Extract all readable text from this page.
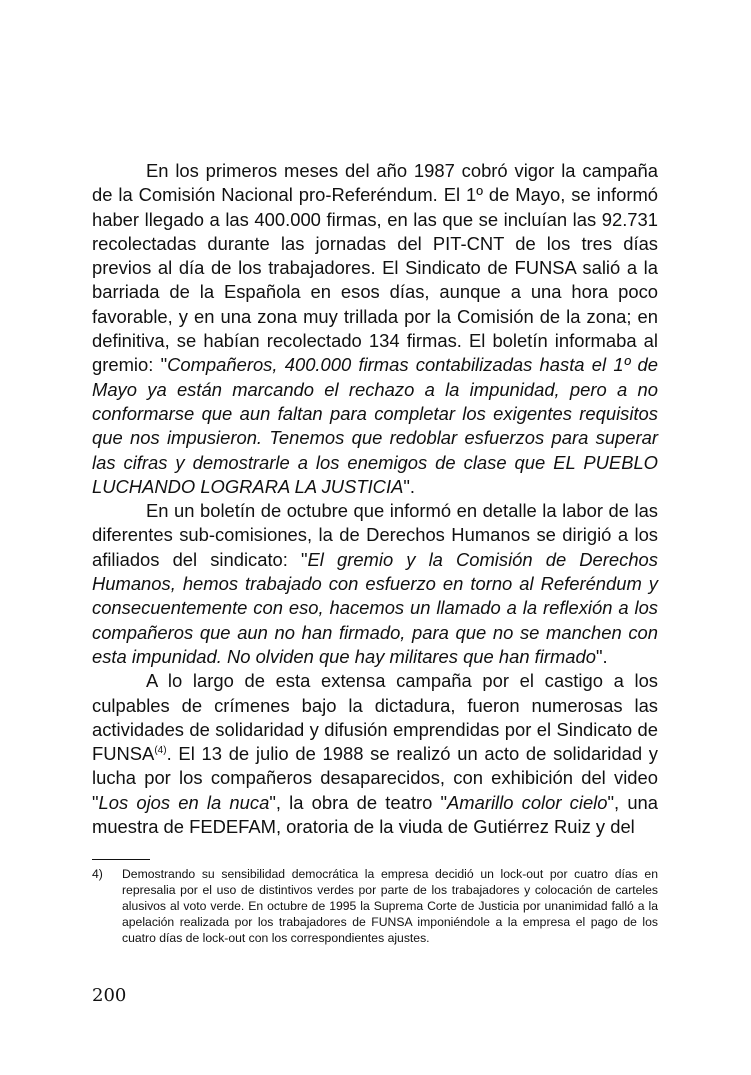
En los primeros meses del año 1987 cobró vigor la campaña de la Comisión Nacional pro-Referéndum. El 1º de Mayo, se informó haber llegado a las 400.000 firmas, en las que se incluían las 92.731 recolectadas durante las jornadas del PIT-CNT de los tres días previos al día de los trabajadores. El Sindicato de FUNSA salió a la barriada de la Española en esos días, aunque a una hora poco favorable, y en una zona muy trillada por la Comisión de la zona; en definitiva, se habían recolectado 134 firmas. El boletín informaba al gremio: "Compañeros, 400.000 firmas contabilizadas hasta el 1º de Mayo ya están marcando el rechazo a la impunidad, pero a no conformarse que aun faltan para completar los exigentes requisitos que nos impusieron. Tenemos que redoblar esfuerzos para superar las cifras y demostrarle a los enemigos de clase que EL PUEBLO LUCHANDO LOGRARA LA JUSTICIA".

En un boletín de octubre que informó en detalle la labor de las diferentes sub-comisiones, la de Derechos Humanos se dirigió a los afiliados del sindicato: "El gremio y la Comisión de Derechos Humanos, hemos trabajado con esfuerzo en torno al Referéndum y consecuentemente con eso, hacemos un llamado a la reflexión a los compañeros que aun no han firmado, para que no se manchen con esta impunidad. No olviden que hay militares que han firmado".

A lo largo de esta extensa campaña por el castigo a los culpables de crímenes bajo la dictadura, fueron numerosas las actividades de solidaridad y difusión emprendidas por el Sindicato de FUNSA$^{(4)}$. El 13 de julio de 1988 se realizó un acto de solidaridad y lucha por los compañeros desaparecidos, con exhibición del video "Los ojos en la nuca", la obra de teatro "Amarillo color cielo", una muestra de FEDEFAM, oratoria de la viuda de Gutiérrez Ruiz y del

4)	Demostrando su sensibilidad democrática la empresa decidió un lock-out por cuatro días en represalia por el uso de distintivos verdes por parte de los trabajadores y colocación de carteles alusivos al voto verde. En octubre de 1995 la Suprema Corte de Justicia por unanimidad falló a la apelación realizada por los trabajadores de FUNSA imponiéndole a la empresa el pago de los cuatro días de lock-out con los correspondientes ajustes.
200
